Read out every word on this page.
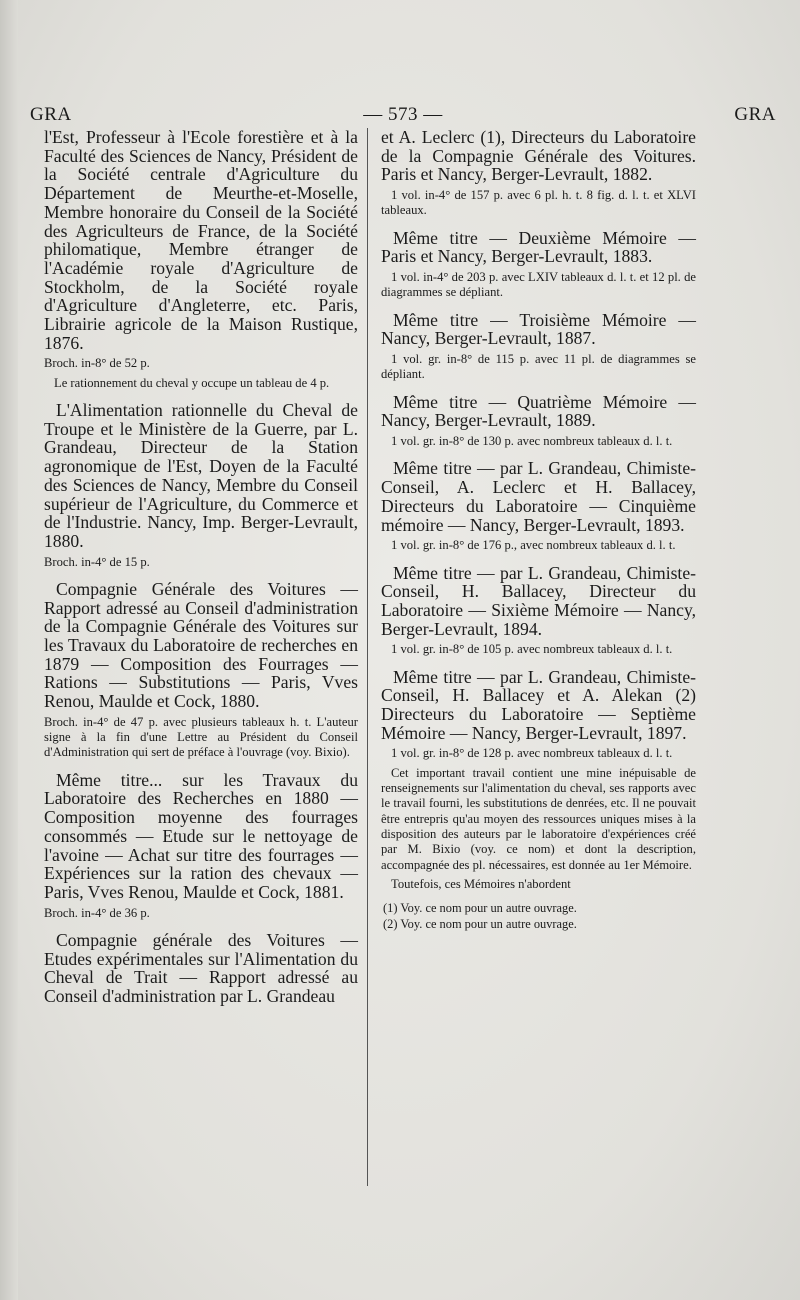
GRA	— 573 —	GRA

l'Est, Professeur à l'Ecole forestière et à la Faculté des Sciences de Nancy, Président de la Société centrale d'Agriculture du Département de Meurthe-et-Moselle, Membre honoraire du Conseil de la Société des Agriculteurs de France, de la Société philomatique, Membre étranger de l'Académie royale d'Agriculture de Stockholm, de la Société royale d'Agriculture d'Angleterre, etc. Paris, Librairie agricole de la Maison Rustique, 1876.

Broch. in-8° de 52 p.

Le rationnement du cheval y occupe un tableau de 4 p.

L'Alimentation rationnelle du Cheval de Troupe et le Ministère de la Guerre, par L. Grandeau, Directeur de la Station agronomique de l'Est, Doyen de la Faculté des Sciences de Nancy, Membre du Conseil supérieur de l'Agriculture, du Commerce et de l'Industrie. Nancy, Imp. Berger-Levrault, 1880.

Broch. in-4° de 15 p.

Compagnie Générale des Voitures — Rapport adressé au Conseil d'administration de la Compagnie Générale des Voitures sur les Travaux du Laboratoire de recherches en 1879 — Composition des Fourrages — Rations — Substitutions — Paris, Vves Renou, Maulde et Cock, 1880.

Broch. in-4° de 47 p. avec plusieurs tableaux h. t. L'auteur signe à la fin d'une Lettre au Président du Conseil d'Administration qui sert de préface à l'ouvrage (voy. Bixio).

Même titre... sur les Travaux du Laboratoire des Recherches en 1880 — Composition moyenne des fourrages consommés — Etude sur le nettoyage de l'avoine — Achat sur titre des fourrages — Expériences sur la ration des chevaux — Paris, Vves Renou, Maulde et Cock, 1881.

Broch. in-4° de 36 p.

Compagnie générale des Voitures — Etudes expérimentales sur l'Alimentation du Cheval de Trait — Rapport adressé au Conseil d'administration par L. Grandeau

et A. Leclerc (1), Directeurs du Laboratoire de la Compagnie Générale des Voitures. Paris et Nancy, Berger-Levrault, 1882.

1 vol. in-4° de 157 p. avec 6 pl. h. t. 8 fig. d. l. t. et XLVI tableaux.

Même titre — Deuxième Mémoire — Paris et Nancy, Berger-Levrault, 1883.

1 vol. in-4° de 203 p. avec LXIV tableaux d. l. t. et 12 pl. de diagrammes se dépliant.

Même titre — Troisième Mémoire — Nancy, Berger-Levrault, 1887.

1 vol. gr. in-8° de 115 p. avec 11 pl. de diagrammes se dépliant.

Même titre — Quatrième Mémoire — Nancy, Berger-Levrault, 1889.

1 vol. gr. in-8° de 130 p. avec nombreux tableaux d. l. t.

Même titre — par L. Grandeau, Chimiste-Conseil, A. Leclerc et H. Ballacey, Directeurs du Laboratoire — Cinquième mémoire — Nancy, Berger-Levrault, 1893.

1 vol. gr. in-8° de 176 p., avec nombreux tableaux d. l. t.

Même titre — par L. Grandeau, Chimiste-Conseil, H. Ballacey, Directeur du Laboratoire — Sixième Mémoire — Nancy, Berger-Levrault, 1894.

1 vol. gr. in-8° de 105 p. avec nombreux tableaux d. l. t.

Même titre — par L. Grandeau, Chimiste-Conseil, H. Ballacey et A. Alekan (2) Directeurs du Laboratoire — Septième Mémoire — Nancy, Berger-Levrault, 1897.

1 vol. gr. in-8° de 128 p. avec nombreux tableaux d. l. t.

Cet important travail contient une mine inépuisable de renseignements sur l'alimentation du cheval, ses rapports avec le travail fourni, les substitutions de denrées, etc. Il ne pouvait être entrepris qu'au moyen des ressources uniques mises à la disposition des auteurs par le laboratoire d'expériences créé par M. Bixio (voy. ce nom) et dont la description, accompagnée des pl. nécessaires, est donnée au 1er Mémoire.

Toutefois, ces Mémoires n'abordent

(1) Voy. ce nom pour un autre ouvrage.

(2) Voy. ce nom pour un autre ouvrage.
